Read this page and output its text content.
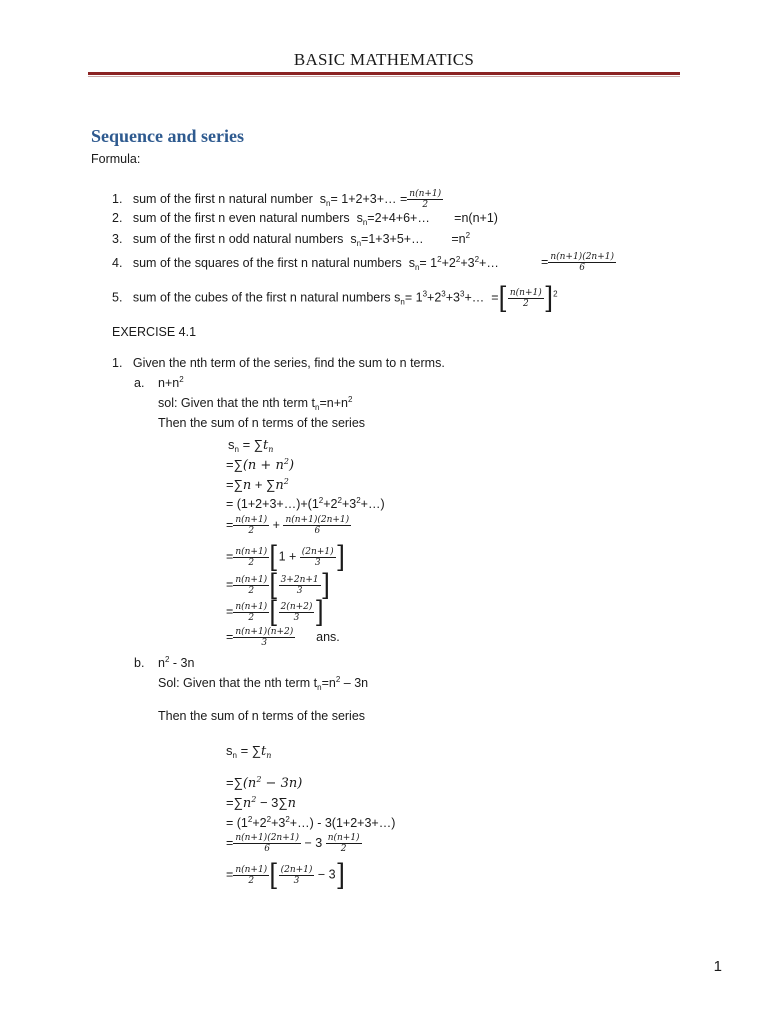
BASIC MATHEMATICS
Sequence and series
Formula:
1. sum of the first n natural number  $s_n=$ 1+2+3+… = $\frac{n(n+1)}{2}$
2. sum of the first n even natural numbers  $s_n=2+4+6+\dots$       =n(n+1)
3. sum of the first n odd natural numbers  $s_n=1+3+5+\dots$        $=n^2$
4. sum of the squares of the first n natural numbers  $s_n=$ $1^2+2^2+3^2+\dots$	= $\frac{n(n+1)(2n+1)}{6}$
5. sum of the cubes of the first n natural numbers $s_n=$ $1^3+2^3+3^3+\dots$  =[ $\frac{n(n+1)}{2} ]^2$
EXERCISE 4.1
1. Given the nth term of the series, find the sum to n terms.
a. $n+n^2$
sol: Given that the nth term $t_n=n+n^2$
Then the sum of n terms of the series
$s_n = \sum t_n$
$=\sum(n + n^2)$
$=\sum n + \sum n^2$
= $(1+2+3+\dots)+(1^2+2^2+3^2+\dots)$
= $\frac{n(n+1)}{2} + \frac{n(n+1)(2n+1)}{6}$
= $\frac{n(n+1)}{2} [1 + \frac{(2n+1)}{3}$ ]
= $\frac{n(n+1)}{2}$ [ $\frac{3+2n+1}{3}$ ]
= $\frac{n(n+1)}{2}$ [ $\frac{2(n+2)}{3}$ ]
= $\frac{n(n+1)(n+2)}{3}$ ans.
b. $n^2 - 3n$
Sol: Given that the nth term $t_n=n^2 - 3n$
Then the sum of n terms of the series
$s_n = \sum t_n$
$=\sum(n^2 - 3n)$
$=\sum n^2 - 3\sum n$
= $(1^2+2^2+3^2+\dots)$ - 3(1+2+3+…)
= $\frac{n(n+1)(2n+1)}{6} - 3 \frac{n(n+1)}{2}$
= $\frac{n(n+1)}{2}$ [ $\frac{(2n+1)}{3} - 3$]
1
